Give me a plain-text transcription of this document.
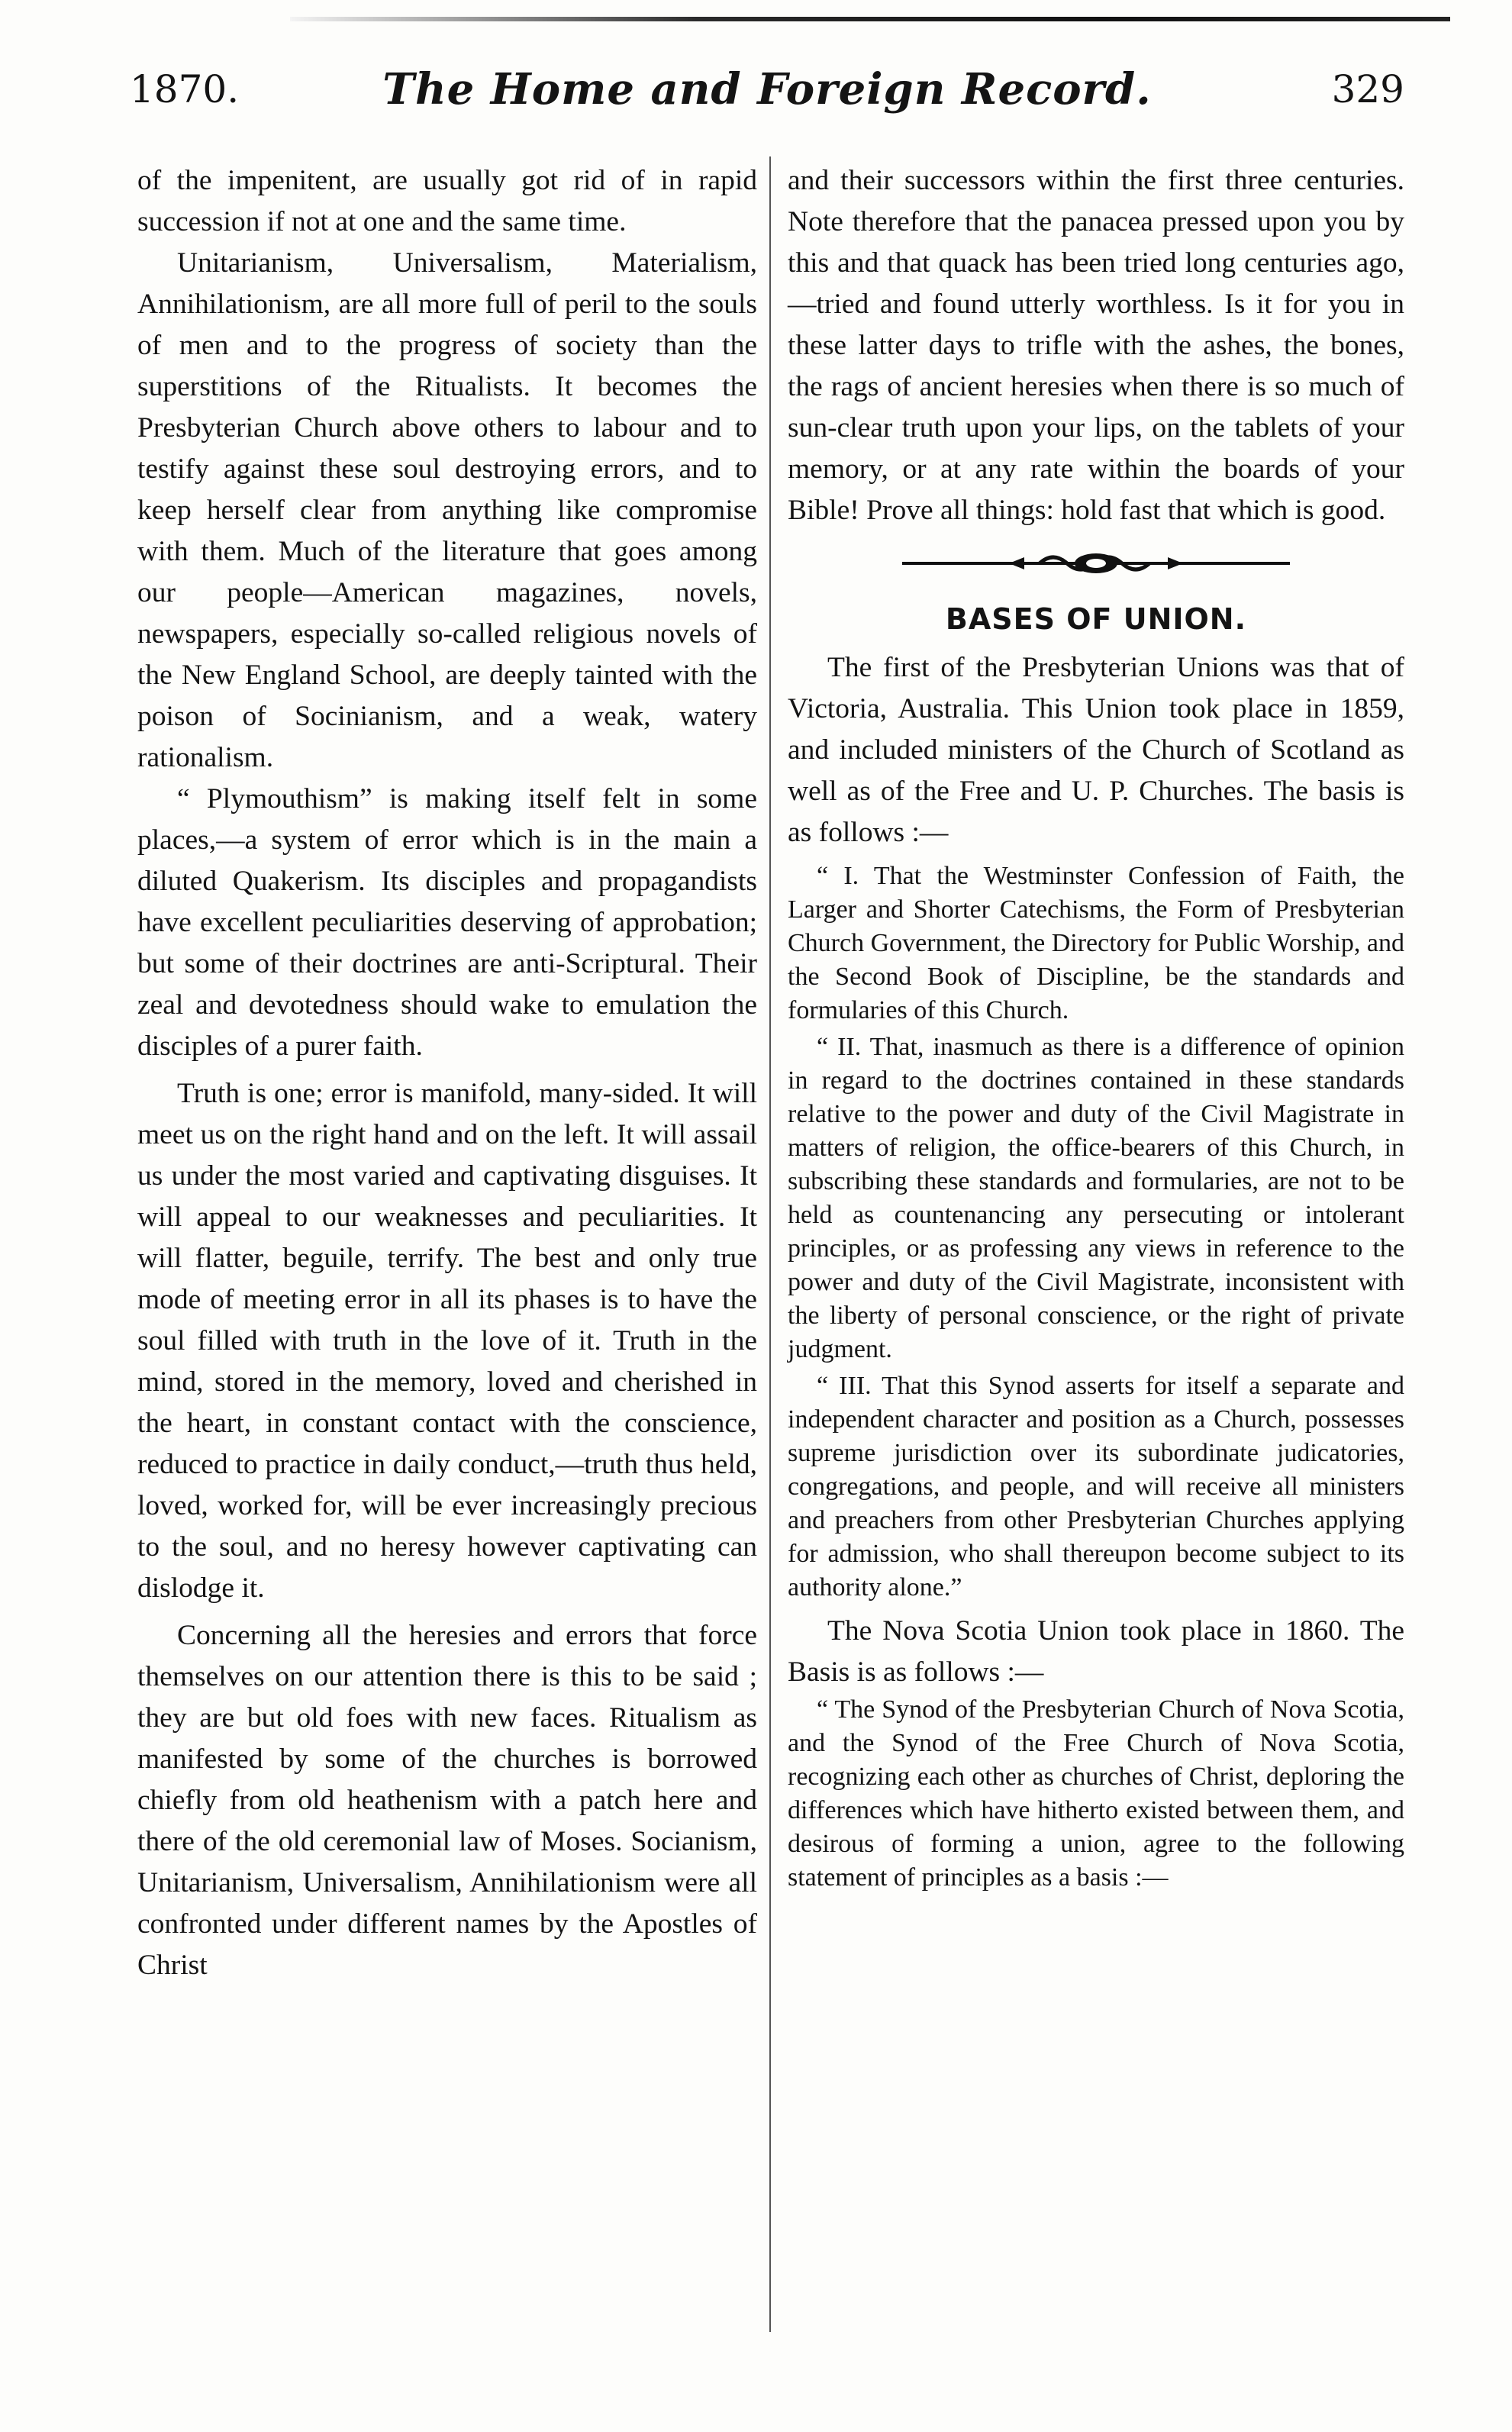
1870.	The Home and Foreign Record.	329

of the impenitent, are usually got rid of in rapid succession if not at one and the same time.

Unitarianism, Universalism, Materialism, Annihilationism, are all more full of peril to the souls of men and to the progress of society than the superstitions of the Ritualists. It becomes the Presbyterian Church above others to labour and to testify against these soul destroying errors, and to keep herself clear from anything like compromise with them. Much of the literature that goes among our people—American magazines, novels, newspapers, especially so-called religious novels of the New England School, are deeply tainted with the poison of Socinianism, and a weak, watery rationalism.

“ Plymouthism” is making itself felt in some places,—a system of error which is in the main a diluted Quakerism. Its disciples and propagandists have excellent peculiarities deserving of approbation; but some of their doctrines are anti-Scriptural. Their zeal and devotedness should wake to emulation the disciples of a purer faith.

Truth is one; error is manifold, many-sided. It will meet us on the right hand and on the left. It will assail us under the most varied and captivating disguises. It will appeal to our weaknesses and peculiarities. It will flatter, beguile, terrify. The best and only true mode of meeting error in all its phases is to have the soul filled with truth in the love of it. Truth in the mind, stored in the memory, loved and cherished in the heart, in constant contact with the conscience, reduced to practice in daily conduct,—truth thus held, loved, worked for, will be ever increasingly precious to the soul, and no heresy however captivating can dislodge it.

Concerning all the heresies and errors that force themselves on our attention there is this to be said ; they are but old foes with new faces. Ritualism as manifested by some of the churches is borrowed chiefly from old heathenism with a patch here and there of the old ceremonial law of Moses. Socianism, Unitarianism, Universalism, Annihilationism were all confronted under different names by the Apostles of Christ

and their successors within the first three centuries. Note therefore that the panacea pressed upon you by this and that quack has been tried long centuries ago,—tried and found utterly worthless. Is it for you in these latter days to trifle with the ashes, the bones, the rags of ancient heresies when there is so much of sun-clear truth upon your lips, on the tablets of your memory, or at any rate within the boards of your Bible! Prove all things: hold fast that which is good.

BASES OF UNION.

The first of the Presbyterian Unions was that of Victoria, Australia. This Union took place in 1859, and included ministers of the Church of Scotland as well as of the Free and U. P. Churches. The basis is as follows :—

“ I. That the Westminster Confession of Faith, the Larger and Shorter Catechisms, the Form of Presbyterian Church Government, the Directory for Public Worship, and the Second Book of Discipline, be the standards and formularies of this Church.

“ II. That, inasmuch as there is a difference of opinion in regard to the doctrines contained in these standards relative to the power and duty of the Civil Magistrate in matters of religion, the office-bearers of this Church, in subscribing these standards and formularies, are not to be held as countenancing any persecuting or intolerant principles, or as professing any views in reference to the power and duty of the Civil Magistrate, inconsistent with the liberty of personal conscience, or the right of private judgment.

“ III. That this Synod asserts for itself a separate and independent character and position as a Church, possesses supreme jurisdiction over its subordinate judicatories, congregations, and people, and will receive all ministers and preachers from other Presbyterian Churches applying for admission, who shall thereupon become subject to its authority alone.”

The Nova Scotia Union took place in 1860. The Basis is as follows :—

“ The Synod of the Presbyterian Church of Nova Scotia, and the Synod of the Free Church of Nova Scotia, recognizing each other as churches of Christ, deploring the differences which have hitherto existed between them, and desirous of forming a union, agree to the following statement of principles as a basis :—
